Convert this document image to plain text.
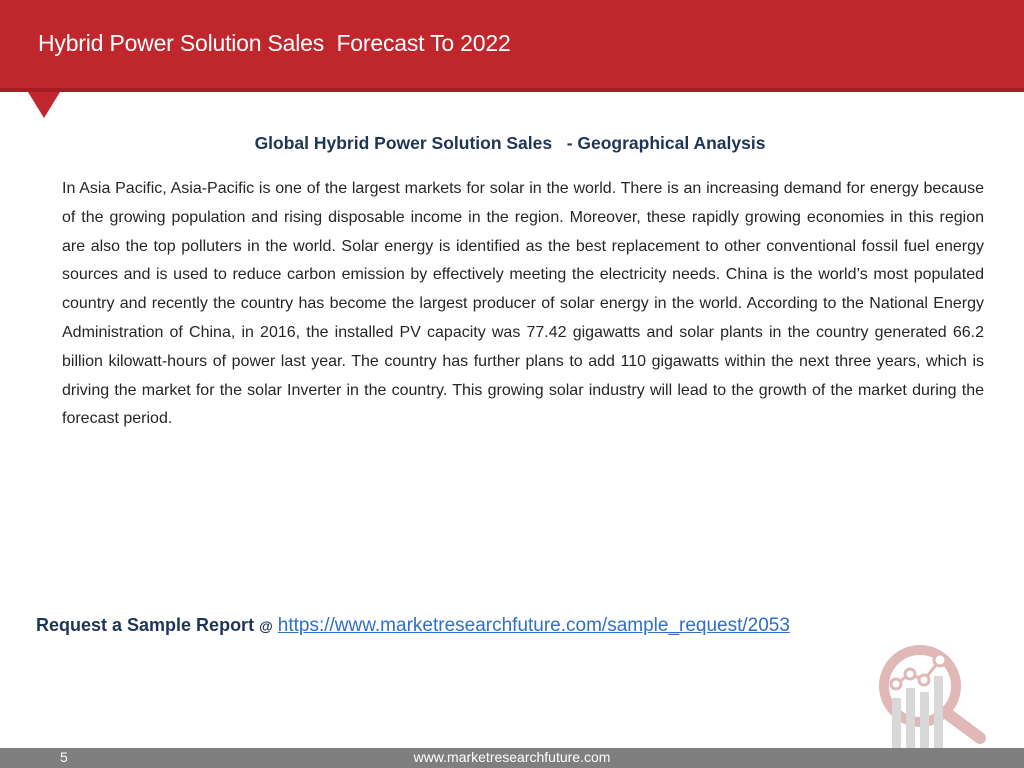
Hybrid Power Solution Sales  Forecast To 2022
Global Hybrid Power Solution Sales   - Geographical Analysis

In Asia Pacific, Asia-Pacific is one of the largest markets for solar in the world. There is an increasing demand for energy because of the growing population and rising disposable income in the region. Moreover, these rapidly growing economies in this region are also the top polluters in the world. Solar energy is identified as the best replacement to other conventional fossil fuel energy sources and is used to reduce carbon emission by effectively meeting the electricity needs. China is the world’s most populated country and recently the country has become the largest producer of solar energy in the world. According to the National Energy Administration of China, in 2016, the installed PV capacity was 77.42 gigawatts and solar plants in the country generated 66.2 billion kilowatt-hours of power last year. The country has further plans to add 110 gigawatts within the next three years, which is driving the market for the solar Inverter in the country. This growing solar industry will lead to the growth of the market during the forecast period.

Request a Sample Report @ https://www.marketresearchfuture.com/sample_request/2053
5	www.marketresearchfuture.com
